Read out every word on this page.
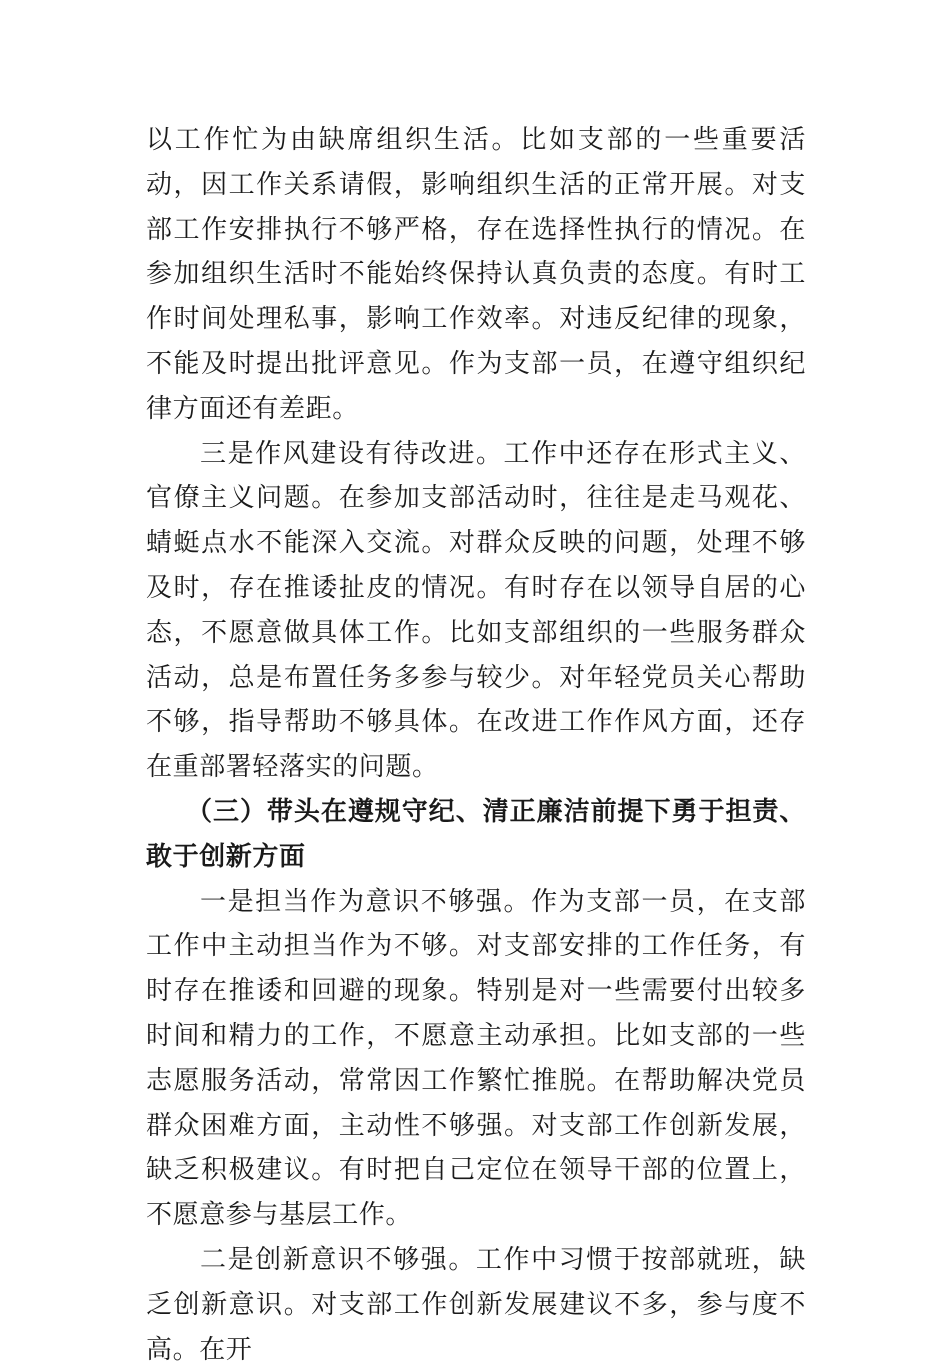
以工作忙为由缺席组织生活。比如支部的一些重要活动，因工作关系请假，影响组织生活的正常开展。对支部工作安排执行不够严格，存在选择性执行的情况。在参加组织生活时不能始终保持认真负责的态度。有时工作时间处理私事，影响工作效率。对违反纪律的现象，不能及时提出批评意见。作为支部一员，在遵守组织纪律方面还有差距。

三是作风建设有待改进。工作中还存在形式主义、官僚主义问题。在参加支部活动时，往往是走马观花、蜻蜓点水不能深入交流。对群众反映的问题，处理不够及时，存在推诿扯皮的情况。有时存在以领导自居的心态，不愿意做具体工作。比如支部组织的一些服务群众活动，总是布置任务多参与较少。对年轻党员关心帮助不够，指导帮助不够具体。在改进工作作风方面，还存在重部署轻落实的问题。

（三）带头在遵规守纪、清正廉洁前提下勇于担责、敢于创新方面

一是担当作为意识不够强。作为支部一员，在支部工作中主动担当作为不够。对支部安排的工作任务，有时存在推诿和回避的现象。特别是对一些需要付出较多时间和精力的工作，不愿意主动承担。比如支部的一些志愿服务活动，常常因工作繁忙推脱。在帮助解决党员群众困难方面，主动性不够强。对支部工作创新发展，缺乏积极建议。有时把自己定位在领导干部的位置上，不愿意参与基层工作。

二是创新意识不够强。工作中习惯于按部就班，缺乏创新意识。对支部工作创新发展建议不多，参与度不高。在开
